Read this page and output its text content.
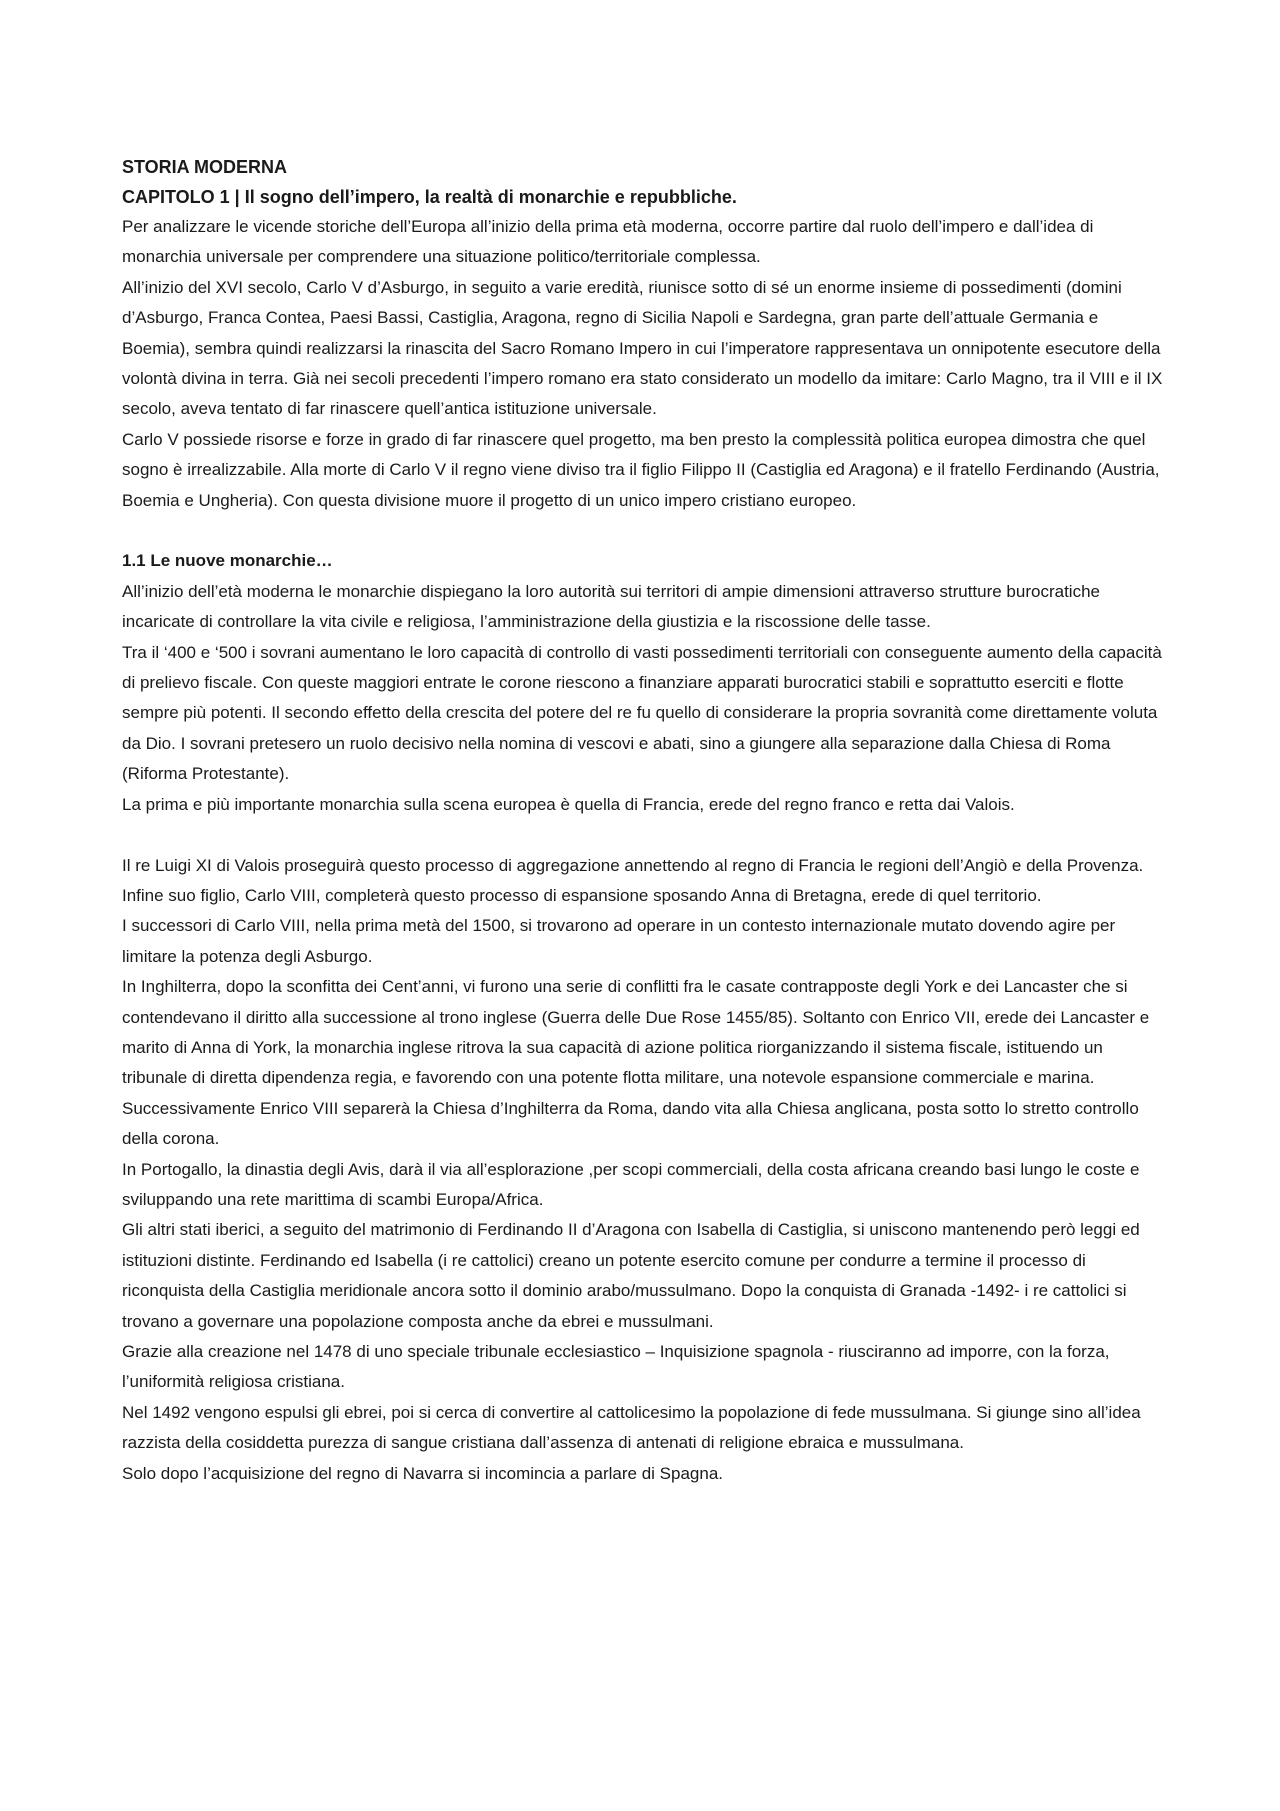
STORIA MODERNA
CAPITOLO 1 | Il sogno dell’impero, la realtà di monarchie e repubbliche.

Per analizzare le vicende storiche dell’Europa all’inizio della prima età moderna, occorre partire dal ruolo dell’impero e dall’idea di monarchia universale per comprendere una situazione politico/territoriale complessa.

All’inizio del XVI secolo, Carlo V d’Asburgo, in seguito a varie eredità, riunisce sotto di sé un enorme insieme di possedimenti (domini d’Asburgo, Franca Contea, Paesi Bassi, Castiglia, Aragona, regno di Sicilia Napoli e Sardegna, gran parte dell’attuale Germania e Boemia), sembra quindi realizzarsi la rinascita del Sacro Romano Impero in cui l’imperatore rappresentava un onnipotente esecutore della volontà divina in terra. Già nei secoli precedenti l’impero romano era stato considerato un modello da imitare: Carlo Magno, tra il VIII e il IX secolo, aveva tentato di far rinascere quell’antica istituzione universale.

Carlo V possiede risorse e forze in grado di far rinascere quel progetto, ma ben presto la complessità politica europea dimostra che quel sogno è irrealizzabile. Alla morte di Carlo V il regno viene diviso tra il figlio Filippo II (Castiglia ed Aragona) e il fratello Ferdinando (Austria, Boemia e Ungheria). Con questa divisione muore il progetto di un unico impero cristiano europeo.

1.1 Le nuove monarchie…

All’inizio dell’età moderna le monarchie dispiegano la loro autorità sui territori di ampie dimensioni attraverso strutture burocratiche incaricate di controllare la vita civile e religiosa, l’amministrazione della giustizia e la riscossione delle tasse.

Tra il ‘400 e ‘500 i sovrani aumentano le loro capacità di controllo di vasti possedimenti territoriali con conseguente aumento della capacità di prelievo fiscale. Con queste maggiori entrate le corone riescono a finanziare apparati burocratici stabili e soprattutto eserciti e flotte sempre più potenti. Il secondo effetto della crescita del potere del re fu quello di considerare la propria sovranità come direttamente voluta da Dio. I sovrani pretesero un ruolo decisivo nella nomina di vescovi e abati, sino a giungere alla separazione dalla Chiesa di Roma (Riforma Protestante).

La prima e più importante monarchia sulla scena europea è quella di Francia, erede del regno franco e retta dai Valois.

Il re Luigi XI di Valois proseguirà questo processo di aggregazione annettendo al regno di Francia le regioni dell’Angiò e della Provenza. Infine suo figlio, Carlo VIII, completerà questo processo di espansione sposando Anna di Bretagna, erede di quel territorio.

I successori di Carlo VIII, nella prima metà del 1500, si trovarono ad operare in un contesto internazionale mutato dovendo agire per limitare la potenza degli Asburgo.

In Inghilterra, dopo la sconfitta dei Cent’anni, vi furono una serie di conflitti fra le casate contrapposte degli York e dei Lancaster che si contendevano il diritto alla successione al trono inglese (Guerra delle Due Rose 1455/85). Soltanto con Enrico VII, erede dei Lancaster e marito di Anna di York, la monarchia inglese ritrova la sua capacità di azione politica riorganizzando il sistema fiscale, istituendo un tribunale di diretta dipendenza regia, e favorendo con una potente flotta militare, una notevole espansione commerciale e marina. Successivamente Enrico VIII separerà la Chiesa d’Inghilterra da Roma, dando vita alla Chiesa anglicana, posta sotto lo stretto controllo della corona.

In Portogallo, la dinastia degli Avis, darà il via all’esplorazione ,per scopi commerciali, della costa africana creando basi lungo le coste e sviluppando una rete marittima di scambi Europa/Africa.

Gli altri stati iberici, a seguito del matrimonio di Ferdinando II d’Aragona con Isabella di Castiglia, si uniscono mantenendo però leggi ed istituzioni distinte. Ferdinando ed Isabella (i re cattolici) creano un potente esercito comune per condurre a termine il processo di riconquista della Castiglia meridionale ancora sotto il dominio arabo/mussulmano. Dopo la conquista di Granada -1492- i re cattolici si trovano a governare una popolazione composta anche da ebrei e mussulmani.

Grazie alla creazione nel 1478 di uno speciale tribunale ecclesiastico – Inquisizione spagnola - riusciranno ad imporre, con la forza, l’uniformità religiosa cristiana.

Nel 1492 vengono espulsi gli ebrei, poi si cerca di convertire al cattolicesimo la popolazione di fede mussulmana. Si giunge sino all’idea razzista della cosiddetta purezza di sangue cristiana dall’assenza di antenati di religione ebraica e mussulmana.

Solo dopo l’acquisizione del regno di Navarra si incomincia a parlare di Spagna.
